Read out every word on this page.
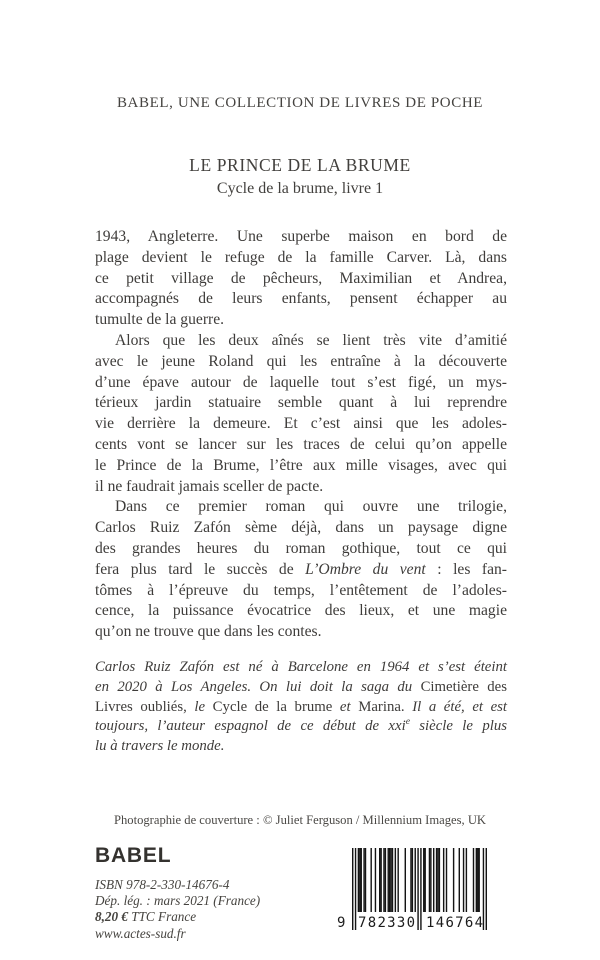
BABEL, UNE COLLECTION DE LIVRES DE POCHE
LE PRINCE DE LA BRUME
Cycle de la brume, livre 1
1943, Angleterre. Une superbe maison en bord de
plage devient le refuge de la famille Carver. Là, dans
ce petit village de pêcheurs, Maximilian et Andrea,
accompagnés de leurs enfants, pensent échapper au
tumulte de la guerre.
Alors que les deux aînés se lient très vite d’amitié
avec le jeune Roland qui les entraîne à la découverte
d’une épave autour de laquelle tout s’est figé, un mys-
térieux jardin statuaire semble quant à lui reprendre
vie derrière la demeure. Et c’est ainsi que les adoles-
cents vont se lancer sur les traces de celui qu’on appelle
le Prince de la Brume, l’être aux mille visages, avec qui
il ne faudrait jamais sceller de pacte.
Dans ce premier roman qui ouvre une trilogie,
Carlos Ruiz Zafón sème déjà, dans un paysage digne
des grandes heures du roman gothique, tout ce qui
fera plus tard le succès de L’Ombre du vent : les fan-
tômes à l’épreuve du temps, l’entêtement de l’adoles-
cence, la puissance évocatrice des lieux, et une magie
qu’on ne trouve que dans les contes.
Carlos Ruiz Zafón est né à Barcelone en 1964 et s’est éteint
en 2020 à Los Angeles. On lui doit la saga du Cimetière des
Livres oubliés, le Cycle de la brume et Marina. Il a été, et est
toujours, l’auteur espagnol de ce début de xxi$^e$ siècle le plus
lu à travers le monde.
Photographie de couverture : © Juliet Ferguson / Millennium Images, UK
BABEL
ISBN 978-2-330-14676-4
Dép. lég. : mars 2021 (France)
8,20 € TTC France
www.actes-sud.fr
9 782330 146764
